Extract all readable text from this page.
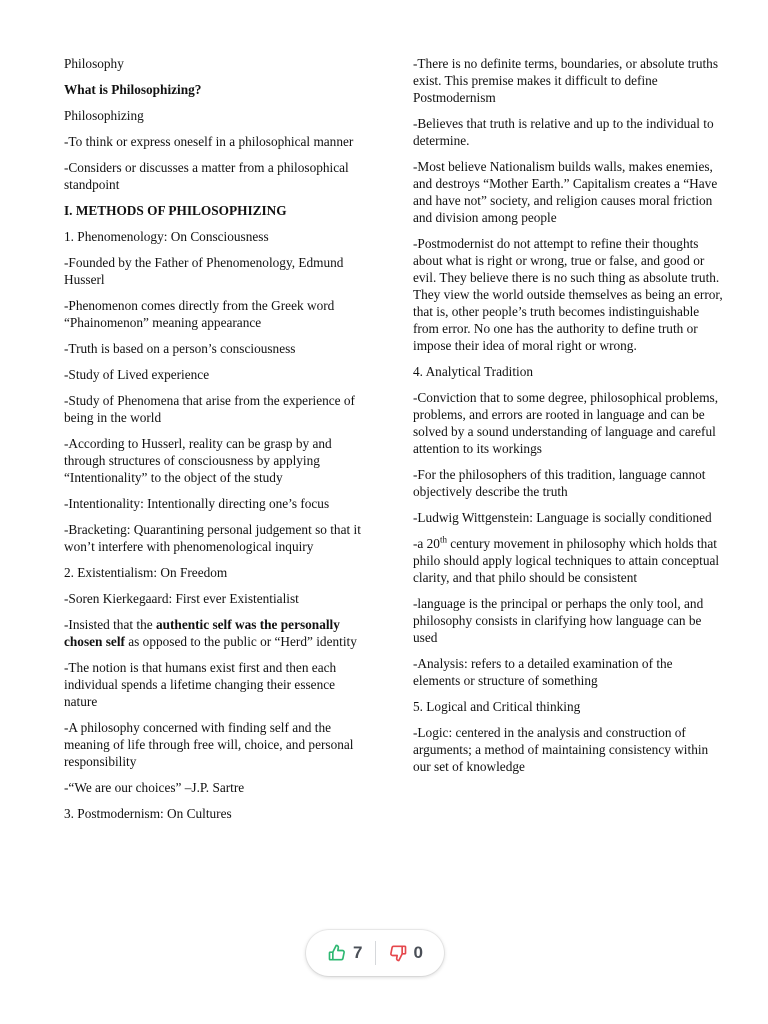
Philosophy

What is Philosophizing?

Philosophizing

-To think or express oneself in a philosophical manner

-Considers or discusses a matter from a philosophical standpoint

I. METHODS OF PHILOSOPHIZING

1. Phenomenology: On Consciousness

-Founded by the Father of Phenomenology, Edmund Husserl

-Phenomenon comes directly from the Greek word “Phainomenon” meaning appearance

-Truth is based on a person’s consciousness

-Study of Lived experience

-Study of Phenomena that arise from the experience of being in the world

-According to Husserl, reality can be grasp by and through structures of consciousness by applying “Intentionality” to the object of the study

-Intentionality: Intentionally directing one’s focus

-Bracketing: Quarantining personal judgement so that it won’t interfere with phenomenological inquiry

2. Existentialism: On Freedom

-Soren Kierkegaard: First ever Existentialist

-Insisted that the authentic self was the personally chosen self as opposed to the public or “Herd” identity

-The notion is that humans exist first and then each individual spends a lifetime changing their essence nature

-A philosophy concerned with finding self and the meaning of life through free will, choice, and personal responsibility

-“We are our choices” –J.P. Sartre

3. Postmodernism: On Cultures

-There is no definite terms, boundaries, or absolute truths exist. This premise makes it difficult to define Postmodernism

-Believes that truth is relative and up to the individual to determine.

-Most believe Nationalism builds walls, makes enemies, and destroys “Mother Earth.” Capitalism creates a “Have and have not” society, and religion causes moral friction and division among people

-Postmodernist do not attempt to refine their thoughts about what is right or wrong, true or false, and good or evil. They believe there is no such thing as absolute truth. They view the world outside themselves as being an error, that is, other people’s truth becomes indistinguishable from error. No one has the authority to define truth or impose their idea of moral right or wrong.

4. Analytical Tradition

-Conviction that to some degree, philosophical problems, problems, and errors are rooted in language and can be solved by a sound understanding of language and careful attention to its workings

-For the philosophers of this tradition, language cannot objectively describe the truth

-Ludwig Wittgenstein: Language is socially conditioned

-a 20th century movement in philosophy which holds that philo should apply logical techniques to attain conceptual clarity, and that philo should be consistent

-language is the principal or perhaps the only tool, and philosophy consists in clarifying how language can be used

-Analysis: refers to a detailed examination of the elements or structure of something

5. Logical and Critical thinking

-Logic: centered in the analysis and construction of arguments; a method of maintaining consistency within our set of knowledge

7	0
